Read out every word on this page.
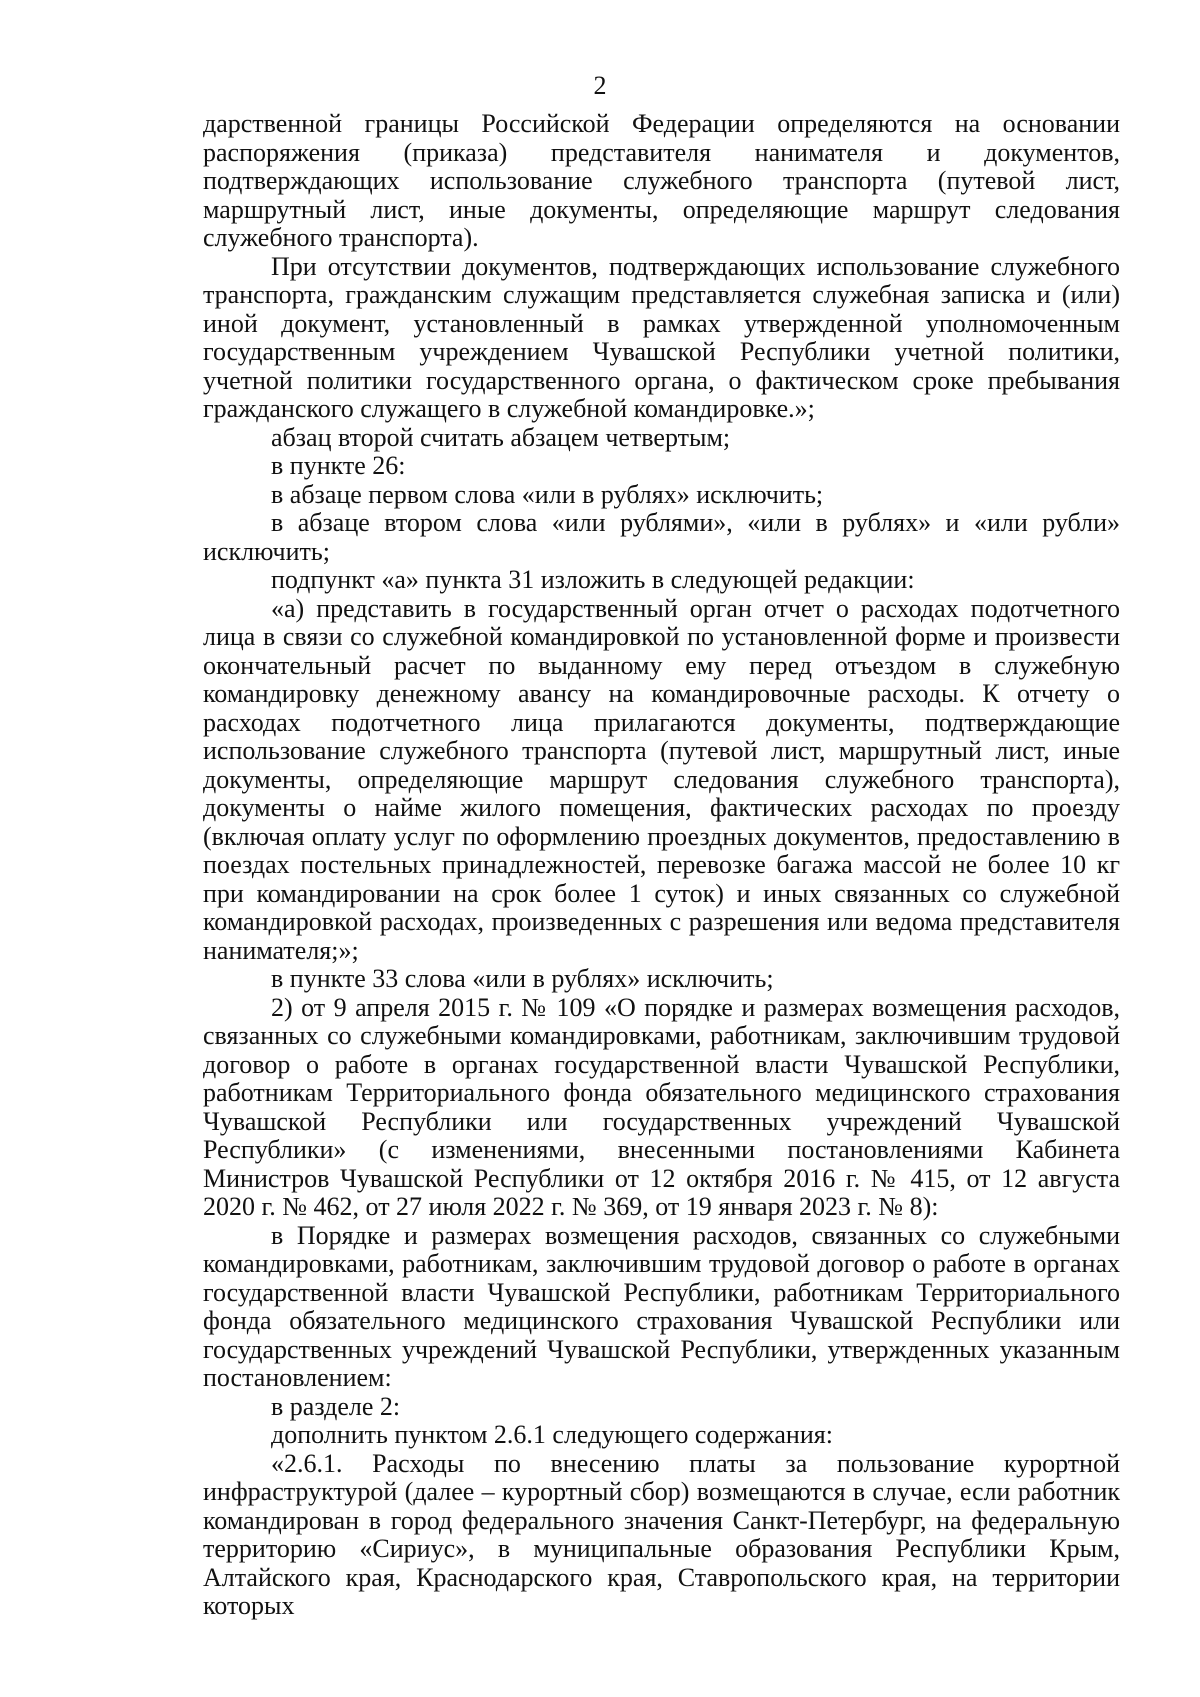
2

дарственной границы Российской Федерации определяются на основании распоряжения (приказа) представителя нанимателя и документов, подтверждающих использование служебного транспорта (путевой лист, маршрутный лист, иные документы, определяющие маршрут следования служебного транспорта).

При отсутствии документов, подтверждающих использование служебного транспорта, гражданским служащим представляется служебная записка и (или) иной документ, установленный в рамках утвержденной уполномоченным государственным учреждением Чувашской Республики учетной политики, учетной политики государственного органа, о фактическом сроке пребывания гражданского служащего в служебной командировке.»;

абзац второй считать абзацем четвертым;

в пункте 26:

в абзаце первом слова «или в рублях» исключить;

в абзаце втором слова «или рублями», «или в рублях» и «или рубли» исключить;

подпункт «а» пункта 31 изложить в следующей редакции:

«а) представить в государственный орган отчет о расходах подотчетного лица в связи со служебной командировкой по установленной форме и произвести окончательный расчет по выданному ему перед отъездом в служебную командировку денежному авансу на командировочные расходы. К отчету о расходах подотчетного лица прилагаются документы, подтверждающие использование служебного транспорта (путевой лист, маршрутный лист, иные документы, определяющие маршрут следования служебного транспорта), документы о найме жилого помещения, фактических расходах по проезду (включая оплату услуг по оформлению проездных документов, предоставлению в поездах постельных принадлежностей, перевозке багажа массой не более 10 кг при командировании на срок более 1 суток) и иных связанных со служебной командировкой расходах, произведенных с разрешения или ведома представителя нанимателя;»;

в пункте 33 слова «или в рублях» исключить;

2) от 9 апреля 2015 г. № 109 «О порядке и размерах возмещения расходов, связанных со служебными командировками, работникам, заключившим трудовой договор о работе в органах государственной власти Чувашской Республики, работникам Территориального фонда обязательного медицинского страхования Чувашской Республики или государственных учреждений Чувашской Республики» (с изменениями, внесенными постановлениями Кабинета Министров Чувашской Республики от 12 октября 2016 г. № 415, от 12 августа 2020 г. № 462, от 27 июля 2022 г. № 369, от 19 января 2023 г. № 8):

в Порядке и размерах возмещения расходов, связанных со служебными командировками, работникам, заключившим трудовой договор о работе в органах государственной власти Чувашской Республики, работникам Территориального фонда обязательного медицинского страхования Чувашской Республики или государственных учреждений Чувашской Республики, утвержденных указанным постановлением:

в разделе 2:

дополнить пунктом 2.6.1 следующего содержания:

«2.6.1. Расходы по внесению платы за пользование курортной инфраструктурой (далее – курортный сбор) возмещаются в случае, если работник командирован в город федерального значения Санкт-Петербург, на федеральную территорию «Сириус», в муниципальные образования Республики Крым, Алтайского края, Краснодарского края, Ставропольского края, на территории которых
